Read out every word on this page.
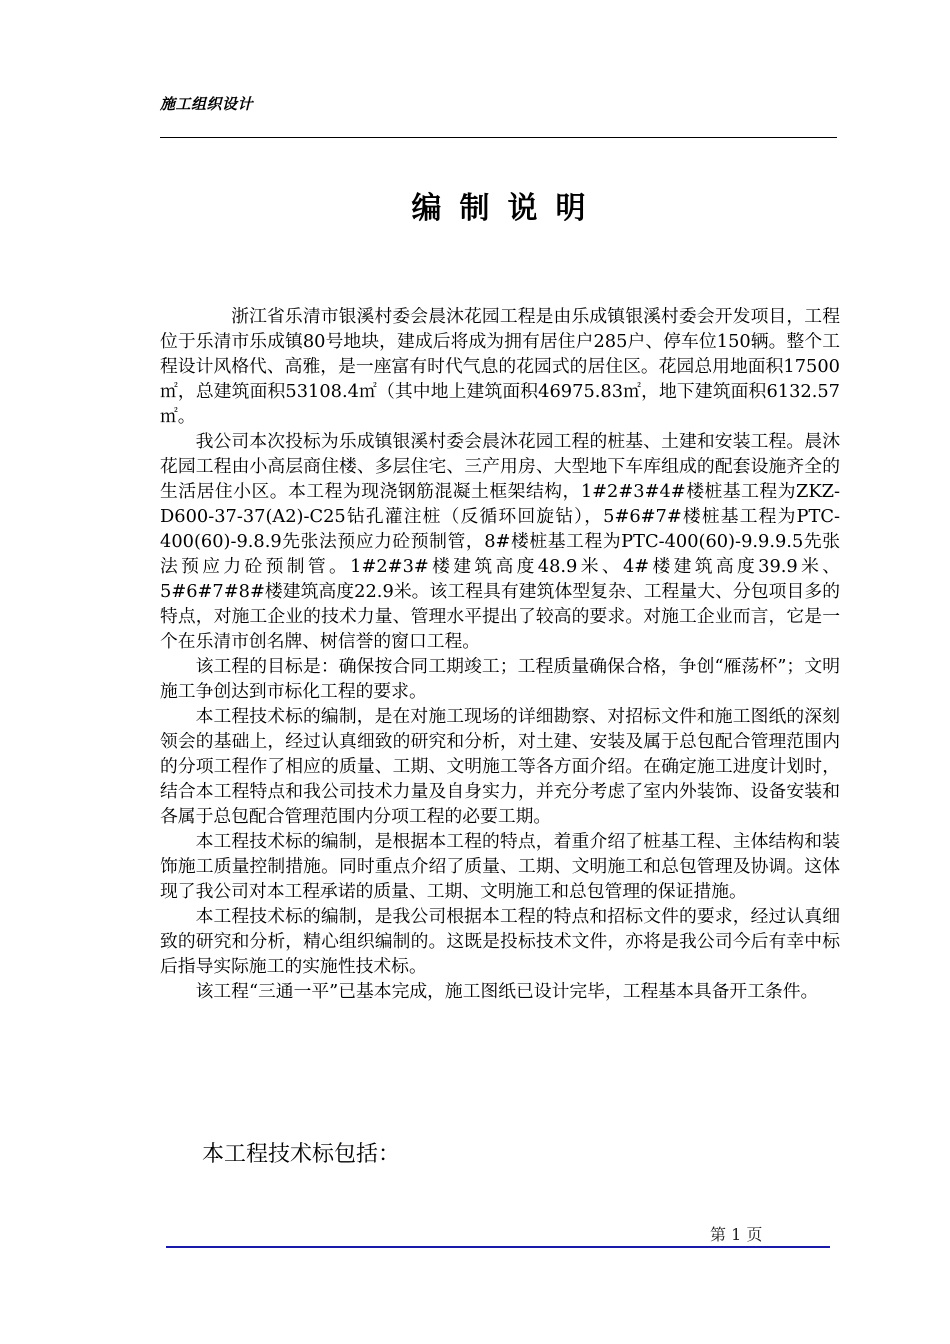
施工组织设计
编制说明

浙江省乐清市银溪村委会晨沐花园工程是由乐成镇银溪村委会开发项目，工程位于乐清市乐成镇80号地块，建成后将成为拥有居住户285户、停车位150辆。整个工程设计风格代、高雅，是一座富有时代气息的花园式的居住区。花园总用地面积17500㎡，总建筑面积53108.4㎡（其中地上建筑面积46975.83㎡，地下建筑面积6132.57㎡。

我公司本次投标为乐成镇银溪村委会晨沐花园工程的桩基、土建和安装工程。晨沐花园工程由小高层商住楼、多层住宅、三产用房、大型地下车库组成的配套设施齐全的生活居住小区。本工程为现浇钢筋混凝土框架结构，1#2#3#4#楼桩基工程为ZKZ-D600-37-37(A2)-C25钻孔灌注桩（反循环回旋钻），5#6#7#楼桩基工程为PTC-400(60)-9.8.9先张法预应力砼预制管，8#楼桩基工程为PTC-400(60)-9.9.9.5先张法预应力砼预制管。1#2#3#楼建筑高度48.9米、4#楼建筑高度39.9米、5#6#7#8#楼建筑高度22.9米。该工程具有建筑体型复杂、工程量大、分包项目多的特点，对施工企业的技术力量、管理水平提出了较高的要求。对施工企业而言，它是一个在乐清市创名牌、树信誉的窗口工程。

该工程的目标是：确保按合同工期竣工；工程质量确保合格，争创“雁荡杯”；文明施工争创达到市标化工程的要求。

本工程技术标的编制，是在对施工现场的详细勘察、对招标文件和施工图纸的深刻领会的基础上，经过认真细致的研究和分析，对土建、安装及属于总包配合管理范围内的分项工程作了相应的质量、工期、文明施工等各方面介绍。在确定施工进度计划时，结合本工程特点和我公司技术力量及自身实力，并充分考虑了室内外装饰、设备安装和各属于总包配合管理范围内分项工程的必要工期。

本工程技术标的编制，是根据本工程的特点，着重介绍了桩基工程、主体结构和装饰施工质量控制措施。同时重点介绍了质量、工期、文明施工和总包管理及协调。这体现了我公司对本工程承诺的质量、工期、文明施工和总包管理的保证措施。

本工程技术标的编制，是我公司根据本工程的特点和招标文件的要求，经过认真细致的研究和分析，精心组织编制的。这既是投标技术文件，亦将是我公司今后有幸中标后指导实际施工的实施性技术标。

该工程“三通一平”已基本完成，施工图纸已设计完毕，工程基本具备开工条件。

本工程技术标包括：
第 1 页
